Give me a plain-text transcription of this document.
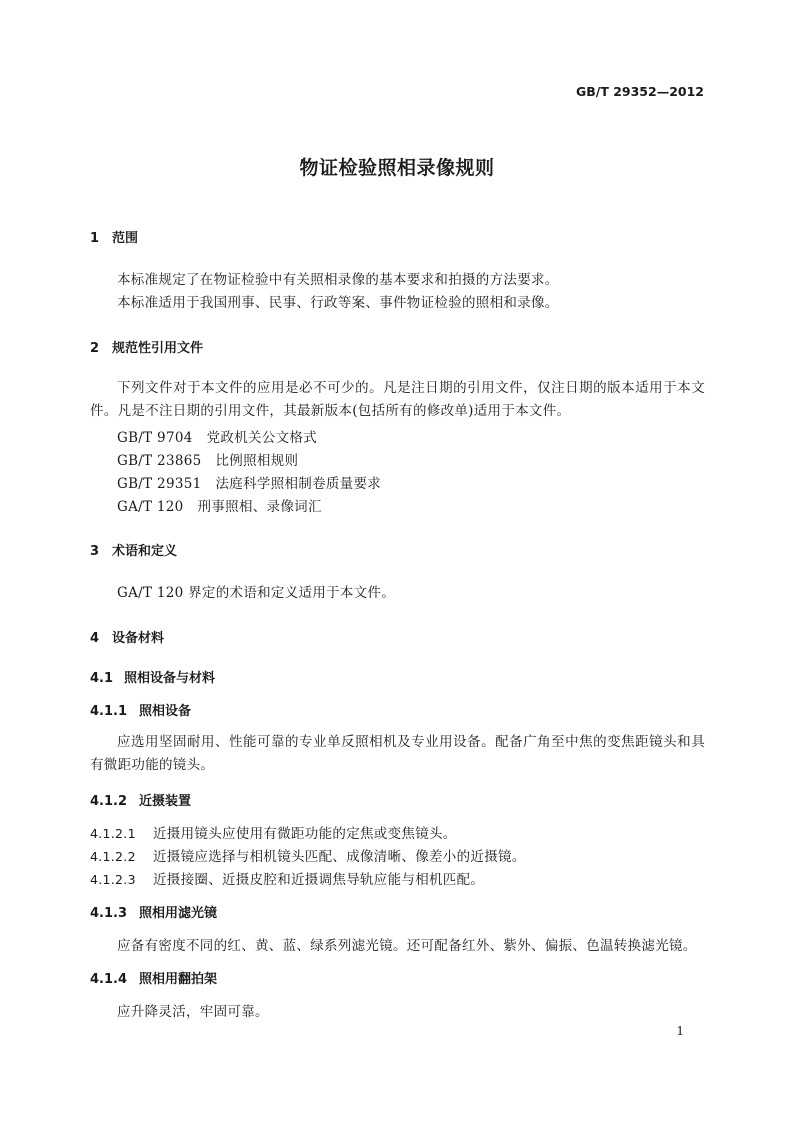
GB/T 29352—2012
物证检验照相录像规则
1 范围
本标准规定了在物证检验中有关照相录像的基本要求和拍摄的方法要求。
本标准适用于我国刑事、民事、行政等案、事件物证检验的照相和录像。
2 规范性引用文件
下列文件对于本文件的应用是必不可少的。凡是注日期的引用文件，仅注日期的版本适用于本文件。凡是不注日期的引用文件，其最新版本(包括所有的修改单)适用于本文件。
GB/T 9704 党政机关公文格式
GB/T 23865 比例照相规则
GB/T 29351 法庭科学照相制卷质量要求
GA/T 120 刑事照相、录像词汇
3 术语和定义
GA/T 120 界定的术语和定义适用于本文件。
4 设备材料
4.1 照相设备与材料
4.1.1 照相设备
应选用坚固耐用、性能可靠的专业单反照相机及专业用设备。配备广角至中焦的变焦距镜头和具有微距功能的镜头。
4.1.2 近摄装置
4.1.2.1 近摄用镜头应使用有微距功能的定焦或变焦镜头。
4.1.2.2 近摄镜应选择与相机镜头匹配、成像清晰、像差小的近摄镜。
4.1.2.3 近摄接圈、近摄皮腔和近摄调焦导轨应能与相机匹配。
4.1.3 照相用滤光镜
应备有密度不同的红、黄、蓝、绿系列滤光镜。还可配备红外、紫外、偏振、色温转换滤光镜。
4.1.4 照相用翻拍架
应升降灵活，牢固可靠。
1
